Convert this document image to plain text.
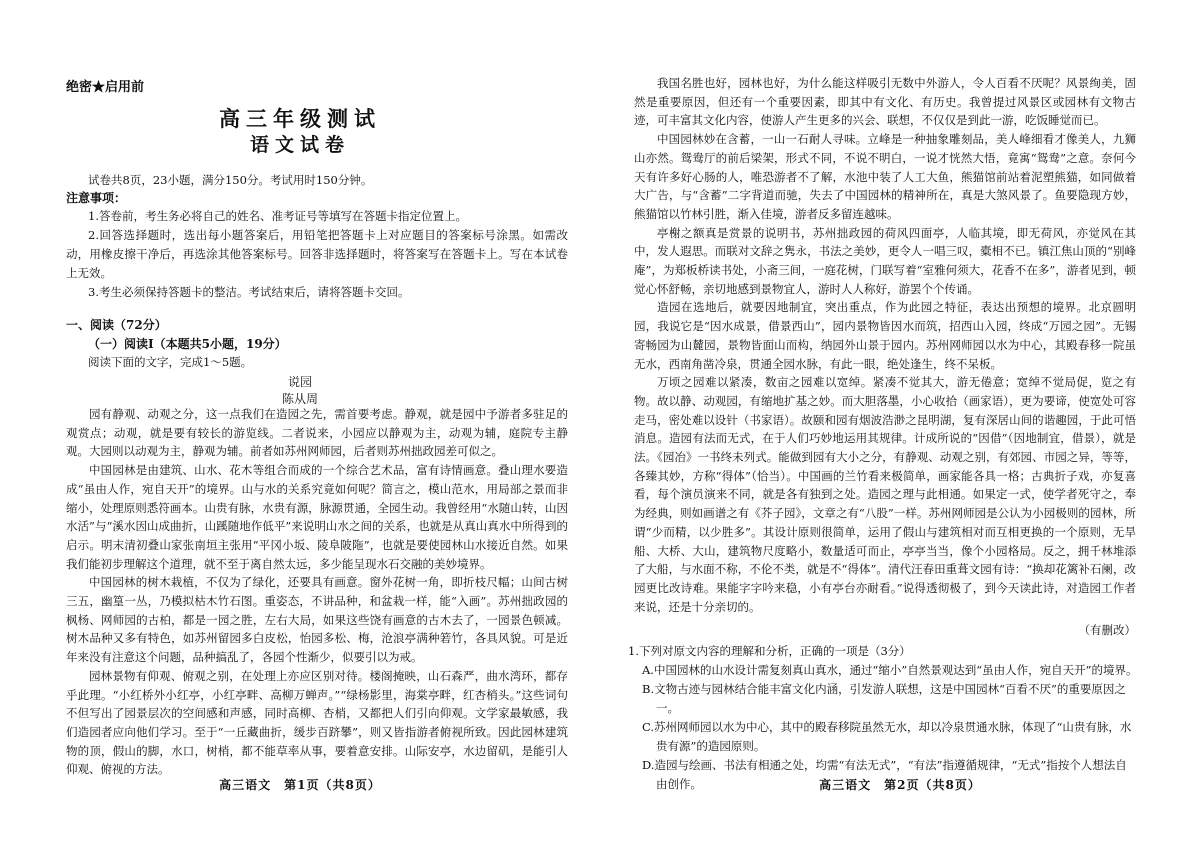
绝密★启用前
高三年级测试
语文试卷
试卷共8页，23小题，满分150分。考试用时150分钟。
注意事项：

1.答卷前，考生务必将自己的姓名、准考证号等填写在答题卡指定位置上。

2.回答选择题时，选出每小题答案后，用铅笔把答题卡上对应题目的答案标号涂黑。如需改动，用橡皮擦干净后，再选涂其他答案标号。回答非选择题时，将答案写在答题卡上。写在本试卷上无效。

3.考生必须保持答题卡的整洁。考试结束后，请将答题卡交回。

一、阅读（72分）
（一）阅读Ⅰ（本题共5小题，19分）
阅读下面的文字，完成1～5题。
说园
陈从周

园有静观、动观之分，这一点我们在造园之先，需首要考虑。静观，就是园中予游者多驻足的观赏点；动观，就是要有较长的游览线。二者说来，小园应以静观为主，动观为辅，庭院专主静观。大园则以动观为主，静观为辅。前者如苏州网师园，后者则苏州拙政园差可似之。

中国园林是由建筑、山水、花木等组合而成的一个综合艺术品，富有诗情画意。叠山理水要造成“虽由人作，宛自天开”的境界。山与水的关系究竟如何呢？简言之，模山范水，用局部之景而非缩小，处理原则悉符画本。山贵有脉，水贵有源，脉源贯通，全园生动。我曾经用“水随山转，山因水活”与“溪水因山成曲折，山蹊随地作低平”来说明山水之间的关系，也就是从真山真水中所得到的启示。明末清初叠山家张南垣主张用“平冈小坂、陵阜陂陁”，也就是要使园林山水接近自然。如果我们能初步理解这个道理，就不至于离自然太远，多少能呈现水石交融的美妙境界。

中国园林的树木栽植，不仅为了绿化，还要具有画意。窗外花树一角，即折枝尺幅；山间古树三五，幽篁一丛，乃模拟枯木竹石图。重姿态，不讲品种，和盆栽一样，能“入画”。苏州拙政园的枫杨、网师园的古柏，都是一园之胜，左右大局，如果这些饶有画意的古木去了，一园景色顿减。树木品种又多有特色，如苏州留园多白皮松，怡园多松、梅，沧浪亭满种箬竹，各具风貌。可是近年来没有注意这个问题，品种搞乱了，各园个性渐少，似要引以为戒。

园林景物有仰观、俯观之别，在处理上亦应区别对待。楼阁掩映，山石森严，曲水湾环，都存乎此理。“小红桥外小红亭，小红亭畔、高柳万蝉声。”“绿杨影里，海棠亭畔，红杏梢头。”这些词句不但写出了园景层次的空间感和声感，同时高柳、杏梢，又都把人们引向仰观。文学家最敏感，我们造园者应向他们学习。至于“一丘藏曲折，缓步百跻攀”，则又皆指游者俯视所致。因此园林建筑物的顶，假山的脚，水口，树梢，都不能草率从事，要着意安排。山际安亭，水边留矶，是能引人仰观、俯视的方法。

高三语文　第1页（共8页）

我国名胜也好，园林也好，为什么能这样吸引无数中外游人，令人百看不厌呢？风景绚美，固然是重要原因，但还有一个重要因素，即其中有文化、有历史。我曾提过风景区或园林有文物古迹，可丰富其文化内容，使游人产生更多的兴会、联想，不仅仅是到此一游，吃饭睡觉而已。

中国园林妙在含蓄，一山一石耐人寻味。立峰是一种抽象雕刻品，美人峰细看才像美人，九狮山亦然。鸳鸯厅的前后梁架，形式不同，不说不明白，一说才恍然大悟，竟寓“鸳鸯”之意。奈何今天有许多好心肠的人，唯恐游者不了解，水池中装了人工大鱼，熊猫馆前站着泥塑熊猫，如同做着大广告，与“含蓄”二字背道而驰，失去了中国园林的精神所在，真是大煞风景了。鱼要隐现方妙，熊猫馆以竹林引胜，渐入佳境，游者反多留连越味。

亭榭之额真是赏景的说明书，苏州拙政园的荷风四面亭，人临其境，即无荷风，亦觉风在其中，发人遐思。而联对文辞之隽永，书法之美妙，更令人一唱三叹，橐相不已。镇江焦山顶的“别峰庵”，为郑板桥读书处，小斋三间，一庭花树，门联写着“室雅何须大，花香不在多”，游者见到，顿觉心怀舒畅，亲切地感到景物宜人，游时人人称好，游罢个个传诵。

造园在选地后，就要因地制宜，突出重点，作为此园之特征，表达出预想的境界。北京圆明园，我说它是“因水成景，借景西山”，园内景物皆因水而筑，招西山入园，终成“万园之园”。无锡寄畅园为山麓园，景物皆面山而构，纳园外山景于园内。苏州网师园以水为中心，其殿春移一院虽无水，西南角凿冷泉，贯通全园水脉，有此一眼，绝处逢生，终不呆板。

万顷之园难以紧凑，数亩之园难以宽绰。紧凑不觉其大，游无倦意；宽绰不觉局促，览之有物。故以静、动观园，有缩地扩基之妙。而大胆落墨，小心收拾（画家语），更为要谛，使宽处可容走马，密处难以设针（书家语）。故颐和园有烟波浩渺之昆明湖，复有深居山间的谐趣园，于此可悟消息。造园有法而无式，在于人们巧妙地运用其规律。计成所说的“因借”（因地制宜，借景），就是法。《园冶》一书终未列式。能做到园有大小之分，有静观、动观之别，有郊园、市园之异，等等，各臻其妙，方称“得体”（恰当）。中国画的兰竹看来极简单，画家能各具一格；古典折子戏，亦复喜看，每个演员演来不同，就是各有独到之处。造园之理与此相通。如果定一式，使学者死守之，奉为经典，则如画谱之有《芥子园》，文章之有“八股”一样。苏州网师园是公认为小园极则的园林，所谓“少而精，以少胜多”。其设计原则很简单，运用了假山与建筑相对而互相更换的一个原则，无旱船、大桥、大山，建筑物尺度略小，数量适可而止，亭亭当当，像个小园格局。反之，拥千林堆添了大船，与水面不称，不伦不类，就是不“得体”。清代汪春田重葺文园有诗：“换却花篱补石阑，改园更比改诗难。果能字字吟来稳，小有亭台亦耐看。”说得透彻极了，到今天读此诗，对造园工作者来说，还是十分亲切的。

（有删改）

1.下列对原文内容的理解和分析，正确的一项是（3分）

A.中国园林的山水设计需复刻真山真水，通过“缩小”自然景观达到“虽由人作，宛自天开”的境界。

B.文物古迹与园林结合能丰富文化内涵，引发游人联想，这是中国园林“百看不厌”的重要原因之一。

C.苏州网师园以水为中心，其中的殿春移院虽然无水，却以冷泉贯通水脉，体现了“山贵有脉，水贵有源”的造园原则。

D.造园与绘画、书法有相通之处，均需“有法无式”，“有法”指遵循规律，“无式”指按个人想法自由创作。	高三语文　第2页（共8页）
